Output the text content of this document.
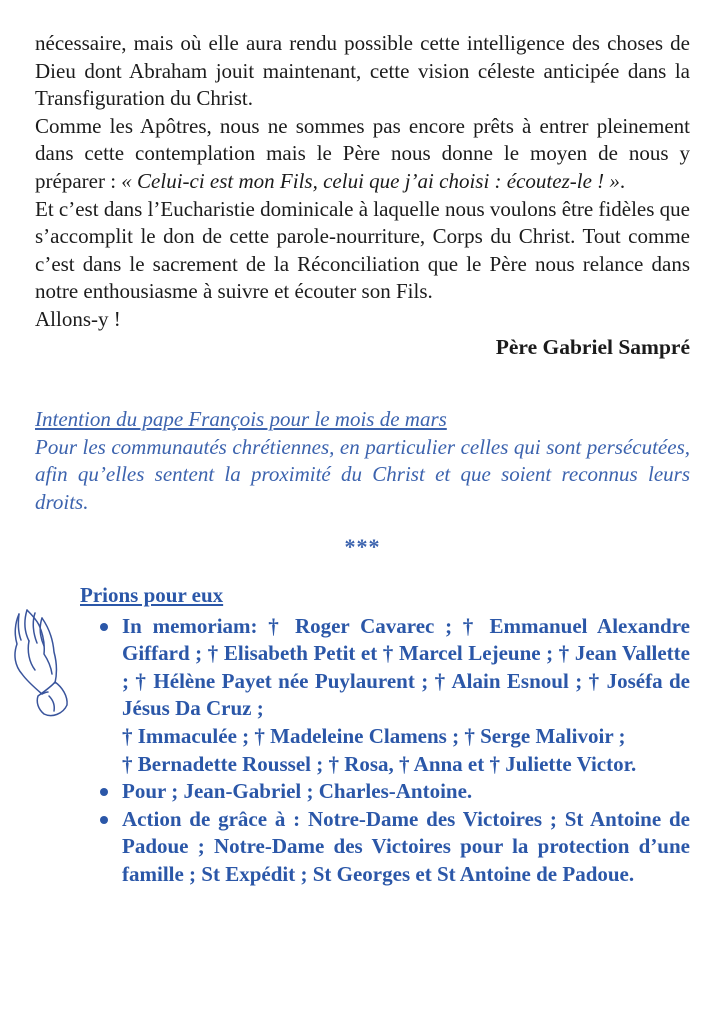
nécessaire, mais où elle aura rendu possible cette intelligence des choses de Dieu dont Abraham jouit maintenant, cette vision céleste anticipée dans la Transfiguration du Christ.

Comme les Apôtres, nous ne sommes pas encore prêts à entrer pleinement dans cette contemplation mais le Père nous donne le moyen de nous y préparer : « Celui-ci est mon Fils, celui que j’ai choisi : écoutez-le ! ».

Et c’est dans l’Eucharistie dominicale à laquelle nous voulons être fidèles que s’accomplit le don de cette parole-nourriture, Corps du Christ. Tout comme c’est dans le sacrement de la Réconciliation que le Père nous relance dans notre enthousiasme à suivre et écouter son Fils.

Allons-y !

Père Gabriel Sampré

Intention du pape François pour le mois de mars

Pour les communautés chrétiennes, en particulier celles qui sont persécutées, afin qu’elles sentent la proximité du Christ et que soient reconnus leurs droits.

***

Prions pour eux

In memoriam: † Roger Cavarec ; † Emmanuel Alexandre Giffard ; † Elisabeth Petit et † Marcel Lejeune ; † Jean Vallette ; † Hélène Payet née Puylaurent ; † Alain Esnoul ; † Joséfa de Jésus Da Cruz ;
† Immaculée ; † Madeleine Clamens ; † Serge Malivoir ;
† Bernadette Roussel ; † Rosa, † Anna et † Juliette Victor.
Pour ; Jean-Gabriel ; Charles-Antoine.
Action de grâce à : Notre-Dame des Victoires ; St Antoine de Padoue ; Notre-Dame des Victoires pour la protection d’une famille ; St Expédit ; St Georges et St Antoine de Padoue.
